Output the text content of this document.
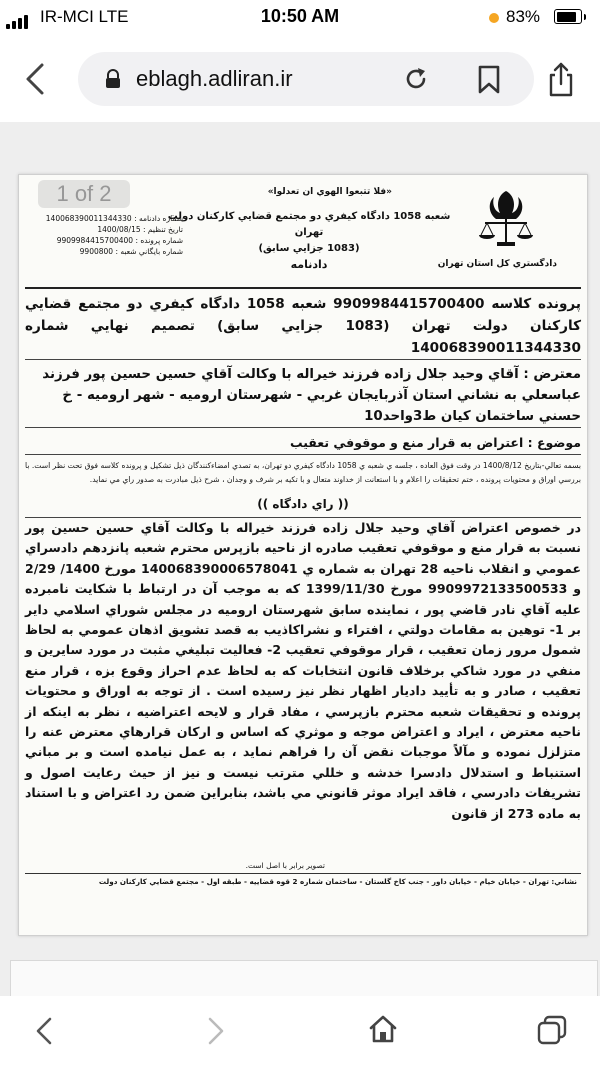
IR-MCI LTE	10:50 AM	83%
eblagh.adliran.ir
«فلا تتبعوا الهوي ان تعدلوا»
شعبه 1058 دادگاه كيفري دو مجتمع قضايي كاركنان دولت تهران
(1083 جزايي سابق)
دادنامه	دادگستري كل استان تهران
شماره دادنامه : 140068390011344330
تاريخ تنظيم : 1400/08/15
شماره پرونده : 9909984415700400
شماره بايگاني شعبه : 9900800
پرونده كلاسه 9909984415700400 شعبه 1058 دادگاه كيفري دو مجتمع قضايي كاركنان دولت تهران (1083 جزايي سابق) تصميم نهايي شماره 140068390011344330
معترض : آقاي وحيد جلال زاده فرزند خيراله با وكالت آقاي حسين حسين پور فرزند عباسعلي به نشاني استان آذربايجان غربي - شهرستان اروميه - شهر اروميه - خ حسني ساختمان كيان ط3واحد10
موضوع : اعتراض به قرار منع و موقوفي تعقيب
بسمه تعالي-بتاريخ 1400/8/12 در وقت فوق العاده ، جلسه ي شعبه ي 1058 دادگاه كيفري دو تهران، به تصدي امضاءكنندگان ذيل تشكيل و پرونده كلاسه فوق تحت نظر است. با بررسي اوراق و محتويات پرونده ، ختم تحقيقات را اعلام و با استعانت از خداوند متعال و با تكيه بر شرف و وجدان ، شرح ذيل مبادرت به صدور راي مي نمايد.
(( راي دادگاه ))
در خصوص اعتراض آقاي وحيد جلال زاده فرزند خيراله با وكالت آقاي حسين حسين پور نسبت به قرار منع و موقوفي تعقيب صادره از ناحيه بازپرس محترم شعبه پانزدهم دادسراي عمومي و انقلاب ناحيه 28 تهران به شماره ي 140068390006578041 مورخ 1400/ 2/29 و 9909972133500533 مورخ 1399/11/30 كه به موجب آن در ارتباط با شكايت نامبرده عليه آقاي نادر قاضي پور ، نماينده سابق شهرستان اروميه در مجلس شوراي اسلامي داير بر 1- توهين به مقامات دولتي ، افتراء و نشراكاذيب به قصد تشويق اذهان عمومي به لحاظ شمول مرور زمان تعقيب ، قرار موقوفي تعقيب 2- فعاليت تبليغي مثبت در مورد سايرين و منفي در مورد شاكي برخلاف قانون انتخابات كه به لحاظ عدم احراز وقوع بزه ، قرار منع تعقيب ، صادر و به تأييد داديار اظهار نظر نيز رسيده است . از توجه به اوراق و محتويات پرونده و تحقيقات شعبه محترم بازپرسي ، مفاد قرار و لايحه اعتراضيه ، نظر به اينكه از ناحيه معترض ، ايراد و اعتراض موجه و موثري كه اساس و اركان قرارهاي معترض عنه را متزلزل نموده و مآلاً موجبات نقض آن را فراهم نمايد ، به عمل نيامده است و بر مباني استنباط و استدلال دادسرا خدشه و خللي مترتب نيست و نيز از حيث رعايت اصول و تشريفات دادرسي ، فاقد ايراد موثر قانوني مي باشد، بنابراين ضمن رد اعتراض و با استناد به ماده 273 از قانون
تصوير برابر با اصل است.
نشاني: تهران - خيابان خيام - خيابان داور - جنب كاخ گلستان - ساختمان شماره 2 قوه قضاييه - طبقه اول - مجتمع قضايي كاركنان دولت
1 of 2
